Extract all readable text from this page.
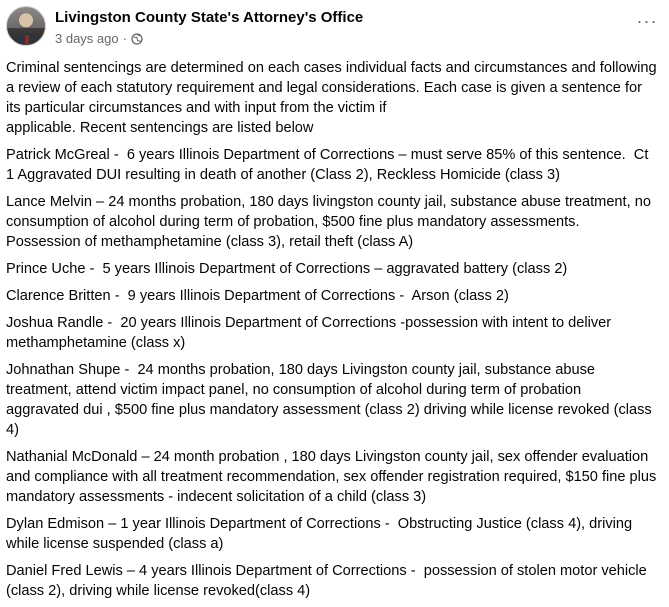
Livingston County State's Attorney's Office
3 days ago ·
···

Criminal sentencings are determined on each cases individual facts and circumstances and following a review of each statutory requirement and legal considerations. Each case is given a sentence for its particular circumstances and with input from the victim if
applicable. Recent sentencings are listed below

Patrick McGreal -  6 years Illinois Department of Corrections – must serve 85% of this sentence.  Ct 1 Aggravated DUI resulting in death of another (Class 2), Reckless Homicide (class 3)

Lance Melvin – 24 months probation, 180 days livingston county jail, substance abuse treatment, no consumption of alcohol during term of probation, $500 fine plus mandatory assessments. Possession of methamphetamine (class 3), retail theft (class A)

Prince Uche -  5 years Illinois Department of Corrections – aggravated battery (class 2)

Clarence Britten -  9 years Illinois Department of Corrections -  Arson (class 2)

Joshua Randle -  20 years Illinois Department of Corrections -possession with intent to deliver methamphetamine (class x)

Johnathan Shupe -  24 months probation, 180 days Livingston county jail, substance abuse treatment, attend victim impact panel, no consumption of alcohol during term of probation aggravated dui , $500 fine plus mandatory assessment (class 2) driving while license revoked (class 4)

Nathanial McDonald – 24 month probation , 180 days Livingston county jail, sex offender evaluation and compliance with all treatment recommendation, sex offender registration required, $150 fine plus mandatory assessments - indecent solicitation of a child (class 3)

Dylan Edmison – 1 year Illinois Department of Corrections -  Obstructing Justice (class 4), driving while license suspended (class a)

Daniel Fred Lewis – 4 years Illinois Department of Corrections -  possession of stolen motor vehicle (class 2), driving while license revoked(class 4)
